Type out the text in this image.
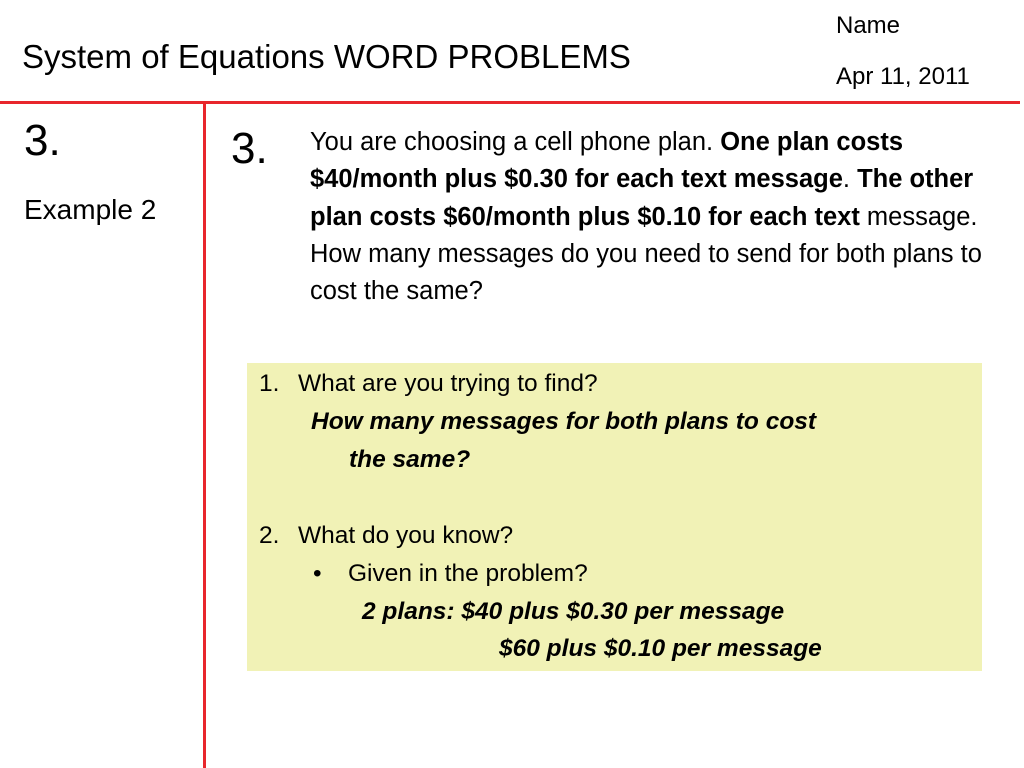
System of Equations WORD PROBLEMS
Name
Apr 11, 2011
3.
Example 2
3. You are choosing a cell phone plan. One plan costs $40/month plus $0.30 for each text message. The other plan costs $60/month plus $0.10 for each text message. How many messages do you need to send for both plans to cost the same?

1. What are you trying to find?
How many messages for both plans to cost
the same?
2. What do you know?
• Given in the problem?
2 plans: $40 plus $0.30 per message
$60 plus $0.10 per message
